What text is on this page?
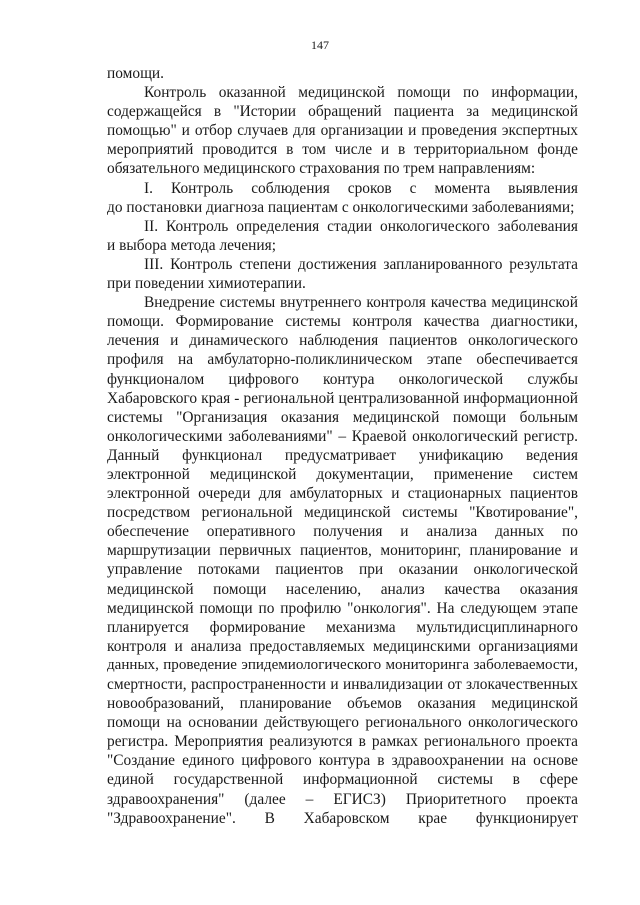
147
помощи.
Контроль оказанной медицинской помощи по информации,
содержащейся в "Истории обращений пациента за медицинской
помощью" и отбор случаев для организации и проведения экспертных
мероприятий проводится в том числе и в территориальном фонде
обязательного медицинского страхования по трем направлениям:
I. Контроль соблюдения сроков с момента выявления
до постановки диагноза пациентам с онкологическими заболеваниями;
II. Контроль определения стадии онкологического заболевания
и выбора метода лечения;
III. Контроль степени достижения запланированного результата
при поведении химиотерапии.
Внедрение системы внутреннего контроля качества медицинской
помощи. Формирование системы контроля качества диагностики,
лечения и динамического наблюдения пациентов онкологического
профиля на амбулаторно-поликлиническом этапе обеспечивается
функционалом цифрового контура онкологической службы
Хабаровского края - региональной централизованной информационной
системы "Организация оказания медицинской помощи больным
онкологическими заболеваниями" – Краевой онкологический регистр.
Данный функционал предусматривает унификацию ведения
электронной медицинской документации, применение систем
электронной очереди для амбулаторных и стационарных пациентов
посредством региональной медицинской системы "Квотирование",
обеспечение оперативного получения и анализа данных по
маршрутизации первичных пациентов, мониторинг, планирование и
управление потоками пациентов при оказании онкологической
медицинской помощи населению, анализ качества оказания
медицинской помощи по профилю "онкология". На следующем этапе
планируется формирование механизма мультидисциплинарного
контроля и анализа предоставляемых медицинскими организациями
данных, проведение эпидемиологического мониторинга заболеваемости,
смертности, распространенности и инвалидизации от злокачественных
новообразований, планирование объемов оказания медицинской
помощи на основании действующего регионального онкологического
регистра. Мероприятия реализуются в рамках регионального проекта
"Создание единого цифрового контура в здравоохранении на основе
единой государственной информационной системы в сфере
здравоохранения" (далее – ЕГИСЗ) Приоритетного проекта
"Здравоохранение". В Хабаровском крае функционирует
